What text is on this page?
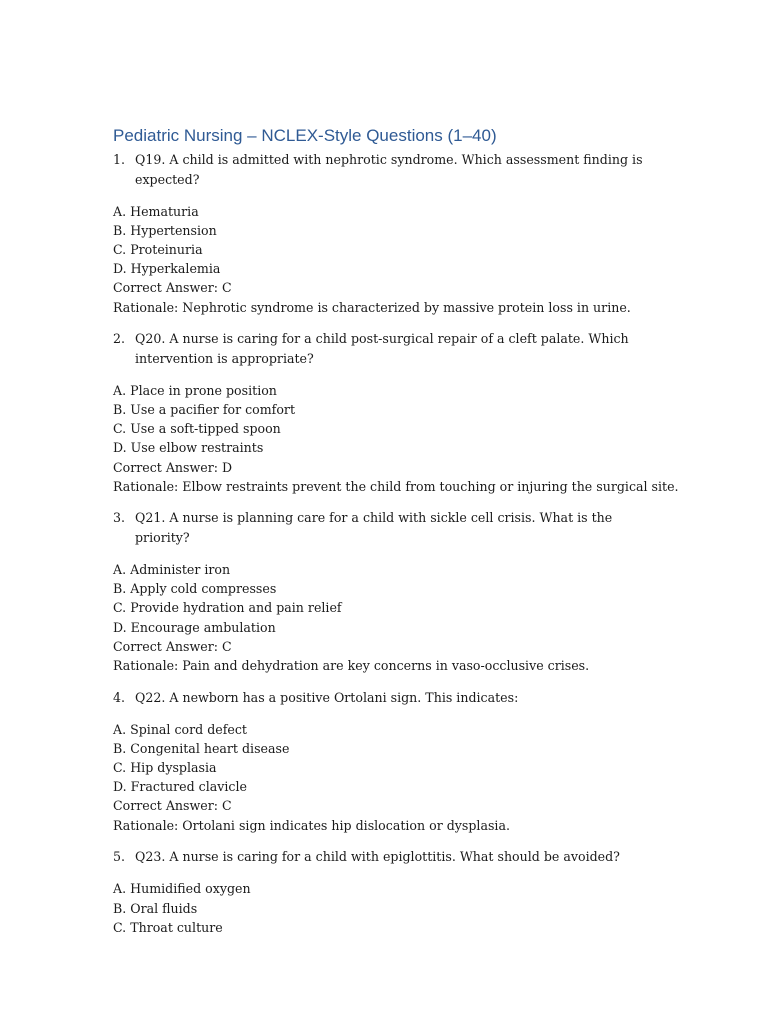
Pediatric Nursing – NCLEX-Style Questions (1–40)
1. Q19. A child is admitted with nephrotic syndrome. Which assessment finding is expected?
A. Hematuria
B. Hypertension
C. Proteinuria
D. Hyperkalemia
Correct Answer: C
Rationale: Nephrotic syndrome is characterized by massive protein loss in urine.
2. Q20. A nurse is caring for a child post-surgical repair of a cleft palate. Which intervention is appropriate?
A. Place in prone position
B. Use a pacifier for comfort
C. Use a soft-tipped spoon
D. Use elbow restraints
Correct Answer: D
Rationale: Elbow restraints prevent the child from touching or injuring the surgical site.
3. Q21. A nurse is planning care for a child with sickle cell crisis. What is the priority?
A. Administer iron
B. Apply cold compresses
C. Provide hydration and pain relief
D. Encourage ambulation
Correct Answer: C
Rationale: Pain and dehydration are key concerns in vaso-occlusive crises.
4. Q22. A newborn has a positive Ortolani sign. This indicates:
A. Spinal cord defect
B. Congenital heart disease
C. Hip dysplasia
D. Fractured clavicle
Correct Answer: C
Rationale: Ortolani sign indicates hip dislocation or dysplasia.
5. Q23. A nurse is caring for a child with epiglottitis. What should be avoided?
A. Humidified oxygen
B. Oral fluids
C. Throat culture
